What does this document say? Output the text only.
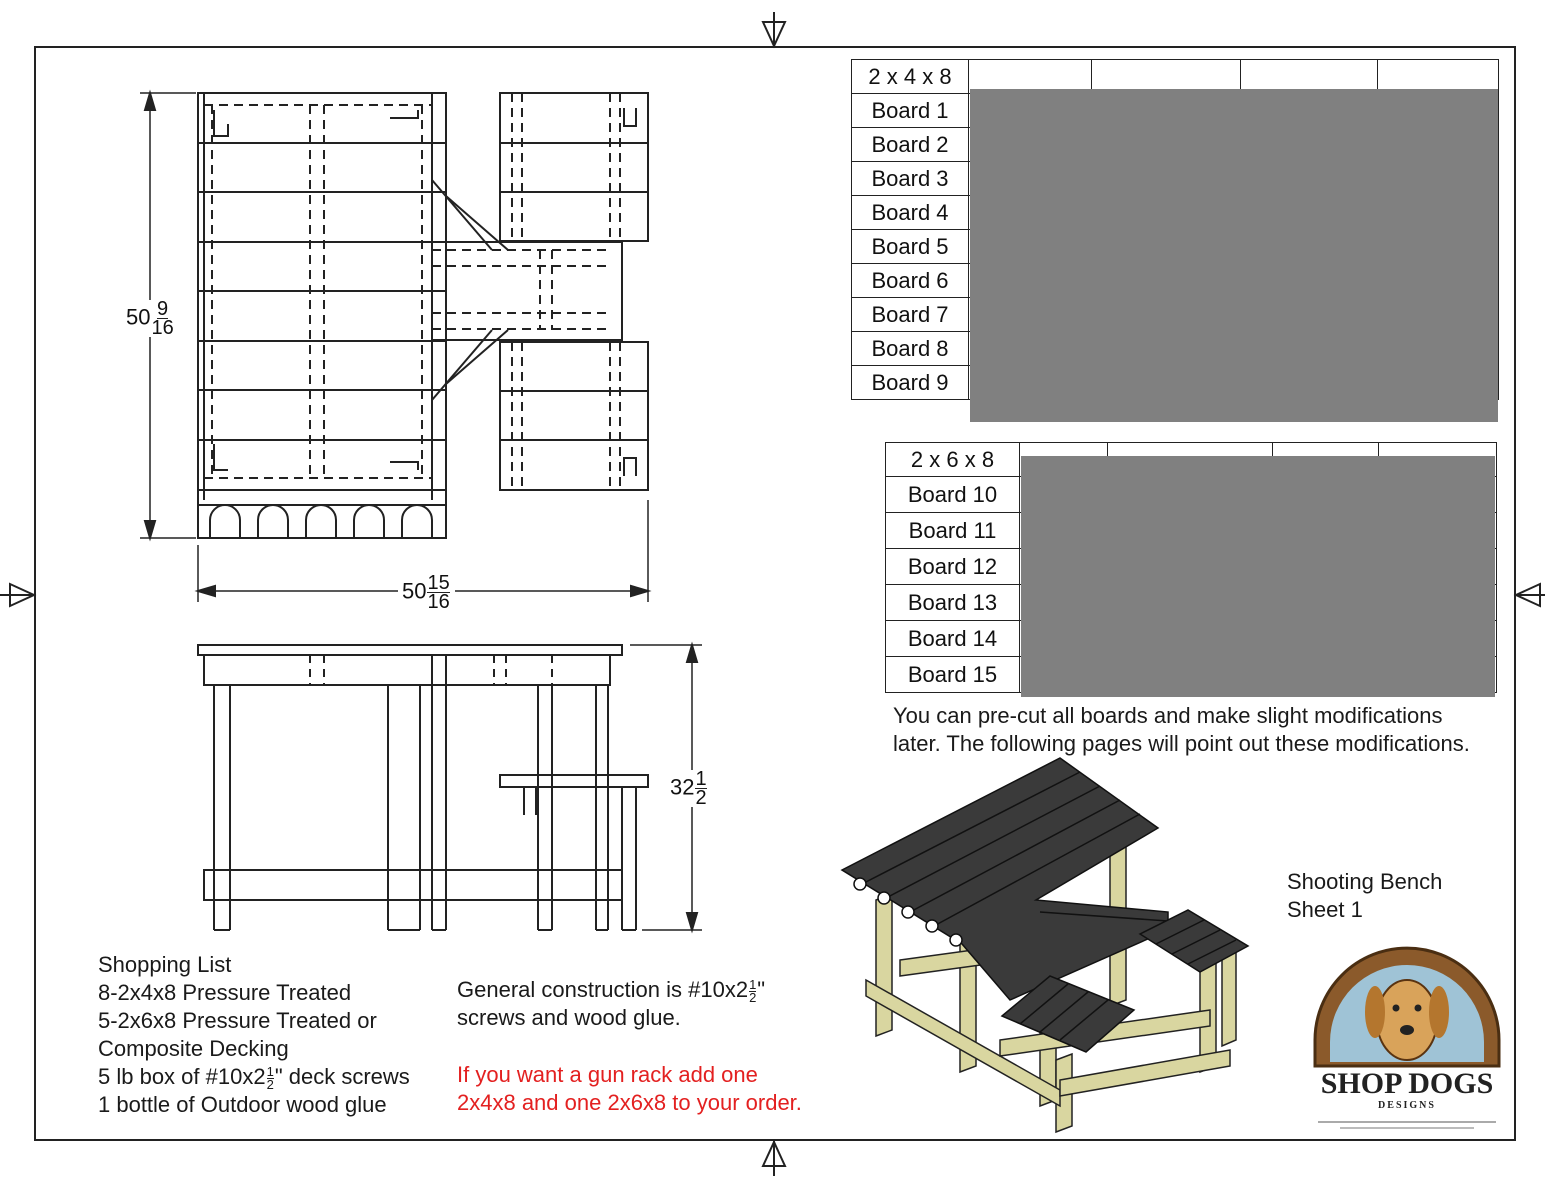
$50 \frac{9}{16}$
$50 \frac{15}{16}$
$32 \frac{1}{2}$
2 x 4 x 8				
Board 1				
Board 2				
Board 3				
Board 4				
Board 5				
Board 6				
Board 7				
Board 8				
Board 9				
2 x 6 x 8				
Board 10				
Board 11				
Board 12				
Board 13				
Board 14				
Board 15				
You can pre-cut all boards and make slight modifications
later. The following pages will point out these modifications.
Shopping List
8-2x4x8 Pressure Treated
5-2x6x8 Pressure Treated or
Composite Decking
5 lb box of #10x2 $\frac{1}{2}$ " deck screws
1 bottle of Outdoor wood glue
General construction is #10x2 $\frac{1}{2}$ "
screws and wood glue.
If you want a gun rack add one
2x4x8 and one 2x6x8 to your order.
Shooting Bench
Sheet 1
SHOP DOGS
DESIGNS
